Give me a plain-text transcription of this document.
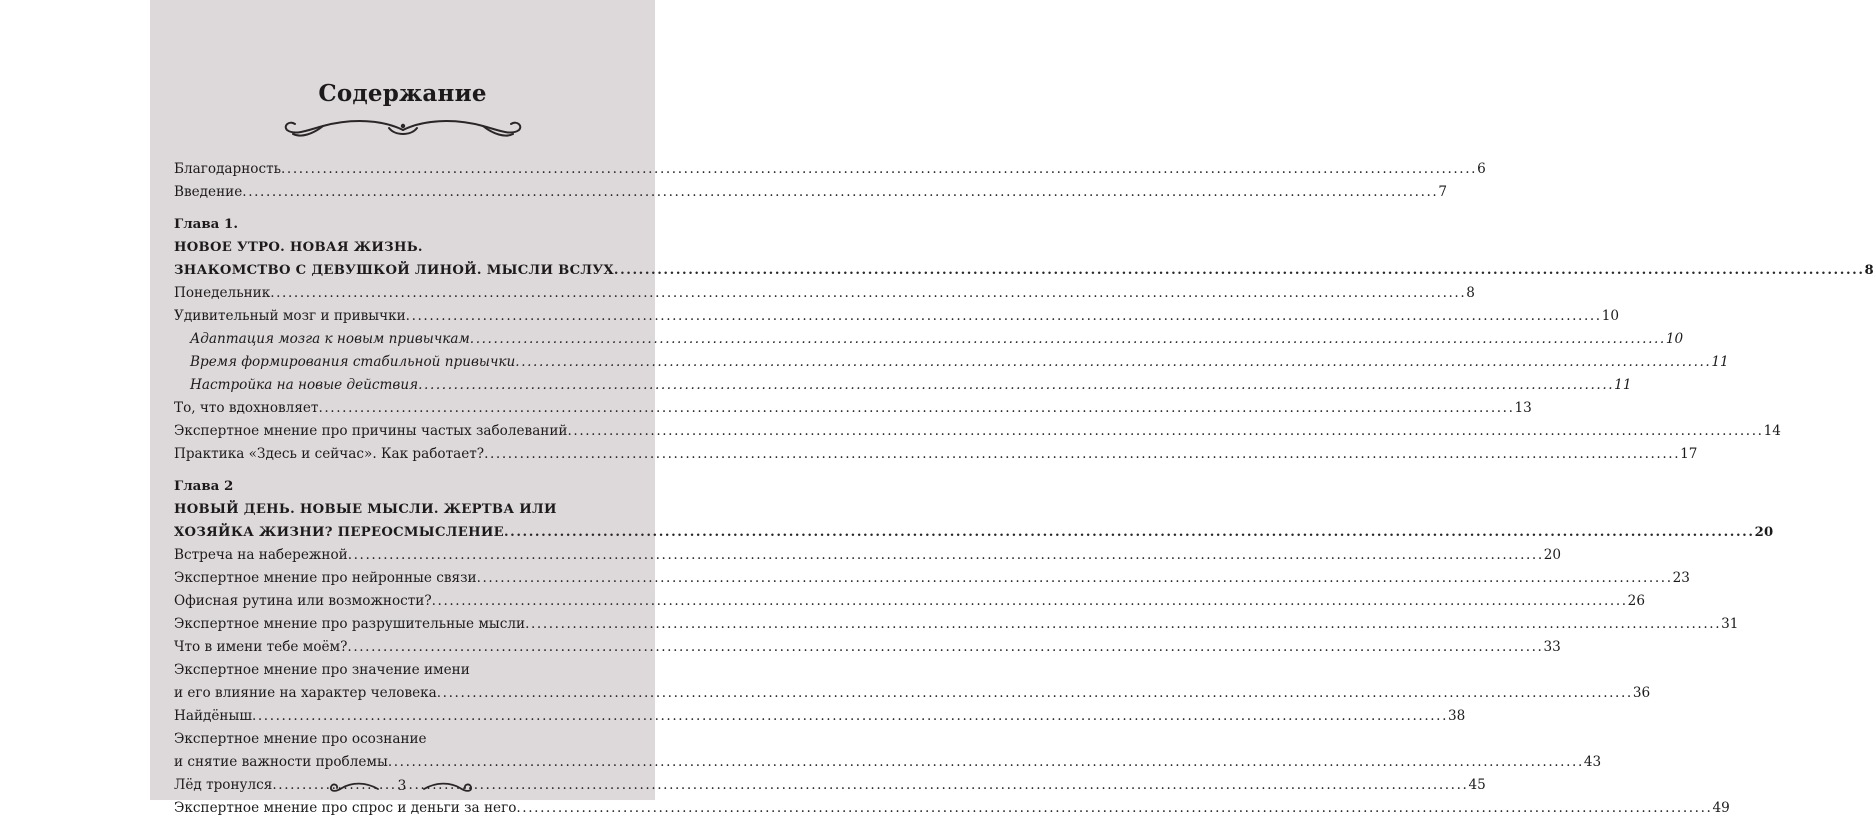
Содержание
Благодарность .....	6
Введение .....	7
Глава 1.
НОВОЕ УТРО. НОВАЯ ЖИЗНЬ.
ЗНАКОМСТВО С ДЕВУШКОЙ ЛИНОЙ. МЫСЛИ ВСЛУХ .....	8
Понедельник .....	8
Удивительный мозг и привычки .....	10
Адаптация мозга к новым привычкам .....	10
Время формирования стабильной привычки .....	11
Настройка на новые действия .....	11
То, что вдохновляет .....	13
Экспертное мнение про причины частых заболеваний .....	14
Практика «Здесь и сейчас». Как работает? .....	17
Глава 2
НОВЫЙ ДЕНЬ. НОВЫЕ МЫСЛИ. ЖЕРТВА ИЛИ
ХОЗЯЙКА ЖИЗНИ? ПЕРЕОСМЫСЛЕНИЕ .....	20
Встреча на набережной .....	20
Экспертное мнение про нейронные связи .....	23
Офисная рутина или возможности? .....	26
Экспертное мнение про разрушительные мысли .....	31
Что в имени тебе моём? .....	33
Экспертное мнение про значение имени
и его влияние на характер человека .....	36
Найдёныш .....	38
Экспертное мнение про осознание
и снятие важности проблемы .....	43
Лёд тронулся .....	45
Экспертное мнение про спрос и деньги за него .....	49
3
